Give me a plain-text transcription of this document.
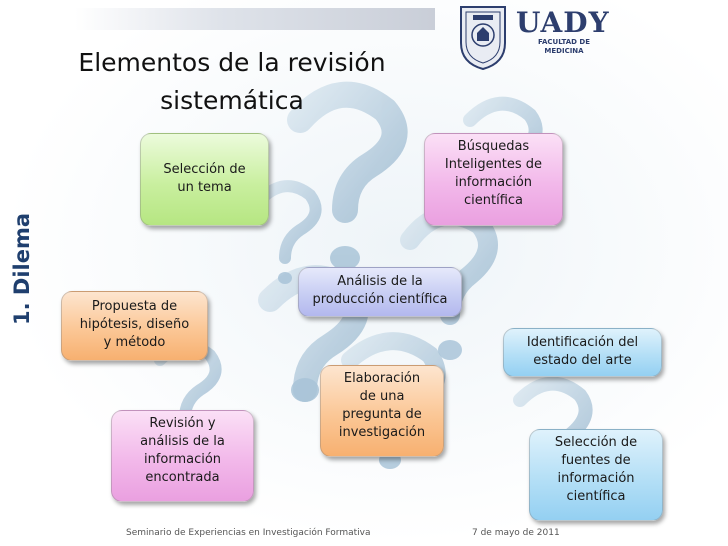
Elementos de la revisión
sistemática
1. Dilema
UADY
FACULTAD DE
MEDICINA
Selección de
un tema
Búsquedas
Inteligentes de
información
científica
Análisis de la
producción científica
Propuesta de
hipótesis, diseño
y método	Identificación del
estado del arte
Elaboración
de una
pregunta de
investigación
Revisión y
análisis de la
información
encontrada
Selección de
fuentes de
información
científica
Seminario de Experiencias en Investigación Formativa	7 de mayo de 2011
